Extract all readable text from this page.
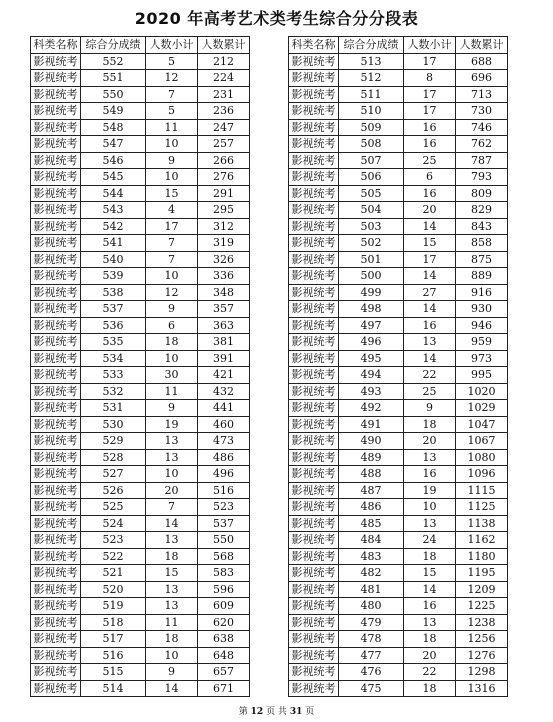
2020 年高考艺术类考生综合分分段表
科类名称	综合分成绩	人数小计	人数累计
影视统考	552	5	212
影视统考	551	12	224
影视统考	550	7	231
影视统考	549	5	236
影视统考	548	11	247
影视统考	547	10	257
影视统考	546	9	266
影视统考	545	10	276
影视统考	544	15	291
影视统考	543	4	295
影视统考	542	17	312
影视统考	541	7	319
影视统考	540	7	326
影视统考	539	10	336
影视统考	538	12	348
影视统考	537	9	357
影视统考	536	6	363
影视统考	535	18	381
影视统考	534	10	391
影视统考	533	30	421
影视统考	532	11	432
影视统考	531	9	441
影视统考	530	19	460
影视统考	529	13	473
影视统考	528	13	486
影视统考	527	10	496
影视统考	526	20	516
影视统考	525	7	523
影视统考	524	14	537
影视统考	523	13	550
影视统考	522	18	568
影视统考	521	15	583
影视统考	520	13	596
影视统考	519	13	609
影视统考	518	11	620
影视统考	517	18	638
影视统考	516	10	648
影视统考	515	9	657
影视统考	514	14	671
科类名称	综合分成绩	人数小计	人数累计
影视统考	513	17	688
影视统考	512	8	696
影视统考	511	17	713
影视统考	510	17	730
影视统考	509	16	746
影视统考	508	16	762
影视统考	507	25	787
影视统考	506	6	793
影视统考	505	16	809
影视统考	504	20	829
影视统考	503	14	843
影视统考	502	15	858
影视统考	501	17	875
影视统考	500	14	889
影视统考	499	27	916
影视统考	498	14	930
影视统考	497	16	946
影视统考	496	13	959
影视统考	495	14	973
影视统考	494	22	995
影视统考	493	25	1020
影视统考	492	9	1029
影视统考	491	18	1047
影视统考	490	20	1067
影视统考	489	13	1080
影视统考	488	16	1096
影视统考	487	19	1115
影视统考	486	10	1125
影视统考	485	13	1138
影视统考	484	24	1162
影视统考	483	18	1180
影视统考	482	15	1195
影视统考	481	14	1209
影视统考	480	16	1225
影视统考	479	13	1238
影视统考	478	18	1256
影视统考	477	20	1276
影视统考	476	22	1298
影视统考	475	18	1316
第 12 页 共 31 页
